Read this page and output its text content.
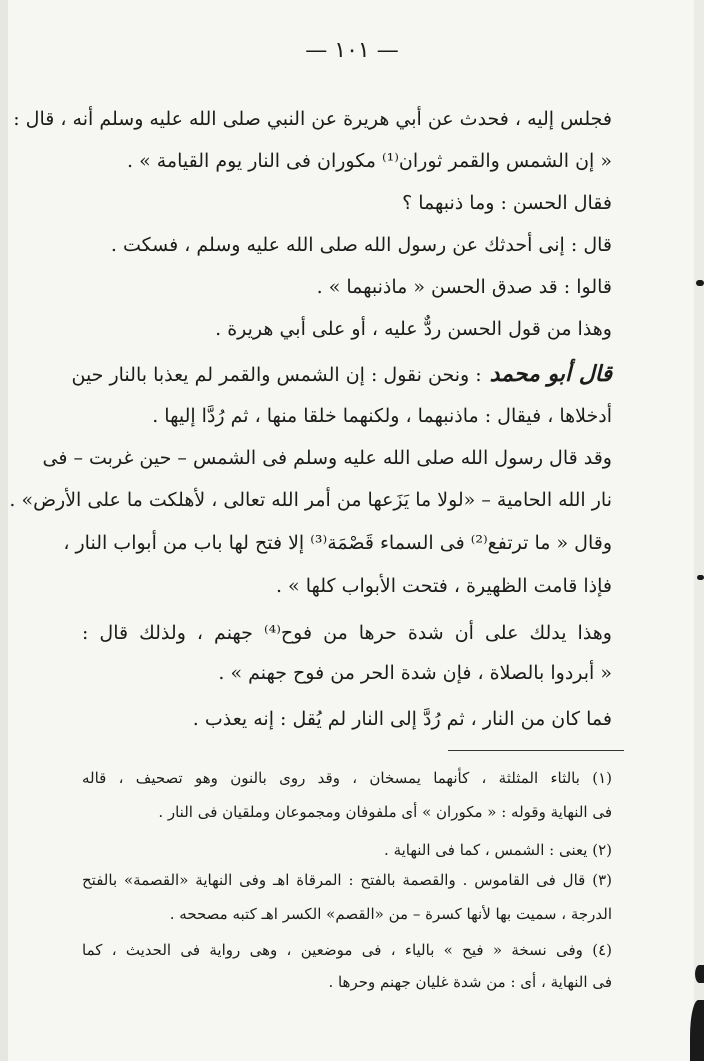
— ١٠١ —
فجلس إليه ، فحدث عن أبي هريرة عن النبي صلى الله عليه وسلم أنه ، قال :
« إن الشمس والقمر ثوران⁽¹⁾ مكوران فى النار يوم القيامة » .
فقال الحسن : وما ذنبهما ؟
قال : إنى أحدثك عن رسول الله صلى الله عليه وسلم ، فسكت .
قالوا : قد صدق الحسن « ماذنبهما » .
وهذا من قول الحسن ردٌّ عليه ، أو على أبي هريرة .
قال أبو محمد: ونحن نقول : إن الشمس والقمر لم يعذبا بالنار حين
أدخلاها ، فيقال : ماذنبهما ، ولكنهما خلقا منها ، ثم رُدَّا إليها .
وقد قال رسول الله صلى الله عليه وسلم فى الشمس – حين غربت – فى
نار الله الحامية – «لولا ما يَزَعها من أمر الله تعالى ، لأهلكت ما على الأرض» .
وقال « ما ترتفع⁽²⁾ فى السماء قَصْمَة⁽³⁾ إلا فتح لها باب من أبواب النار ،
فإذا قامت الظهيرة ، فتحت الأبواب كلها » .
وهذا يدلك على أن شدة حرها من فوح⁽⁴⁾ جهنم ، ولذلك قال :
« أبردوا بالصلاة ، فإن شدة الحر من فوح جهنم » .
فما كان من النار ، ثم رُدَّ إلى النار لم يُقل : إنه يعذب .
(١) بالثاء المثلثة ، كأنهما يمسخان ، وقد روى بالنون وهو تصحيف ، قاله
فى النهاية وقوله : « مكوران » أى ملفوفان ومجموعان وملقيان فى النار .
(٢) يعنى : الشمس ، كما فى النهاية .
(٣) قال فى القاموس . والقصمة بالفتح : المرقاة اهـ وفى النهاية «القصمة» بالفتح
الدرجة ، سميت بها لأنها كسرة – من «القصم» الكسر اهـ كتبه مصححه .
(٤) وفى نسخة « فيح » بالياء ، فى موضعين ، وهى رواية فى الحديث ، كما
فى النهاية ، أى : من شدة غليان جهنم وحرها .
